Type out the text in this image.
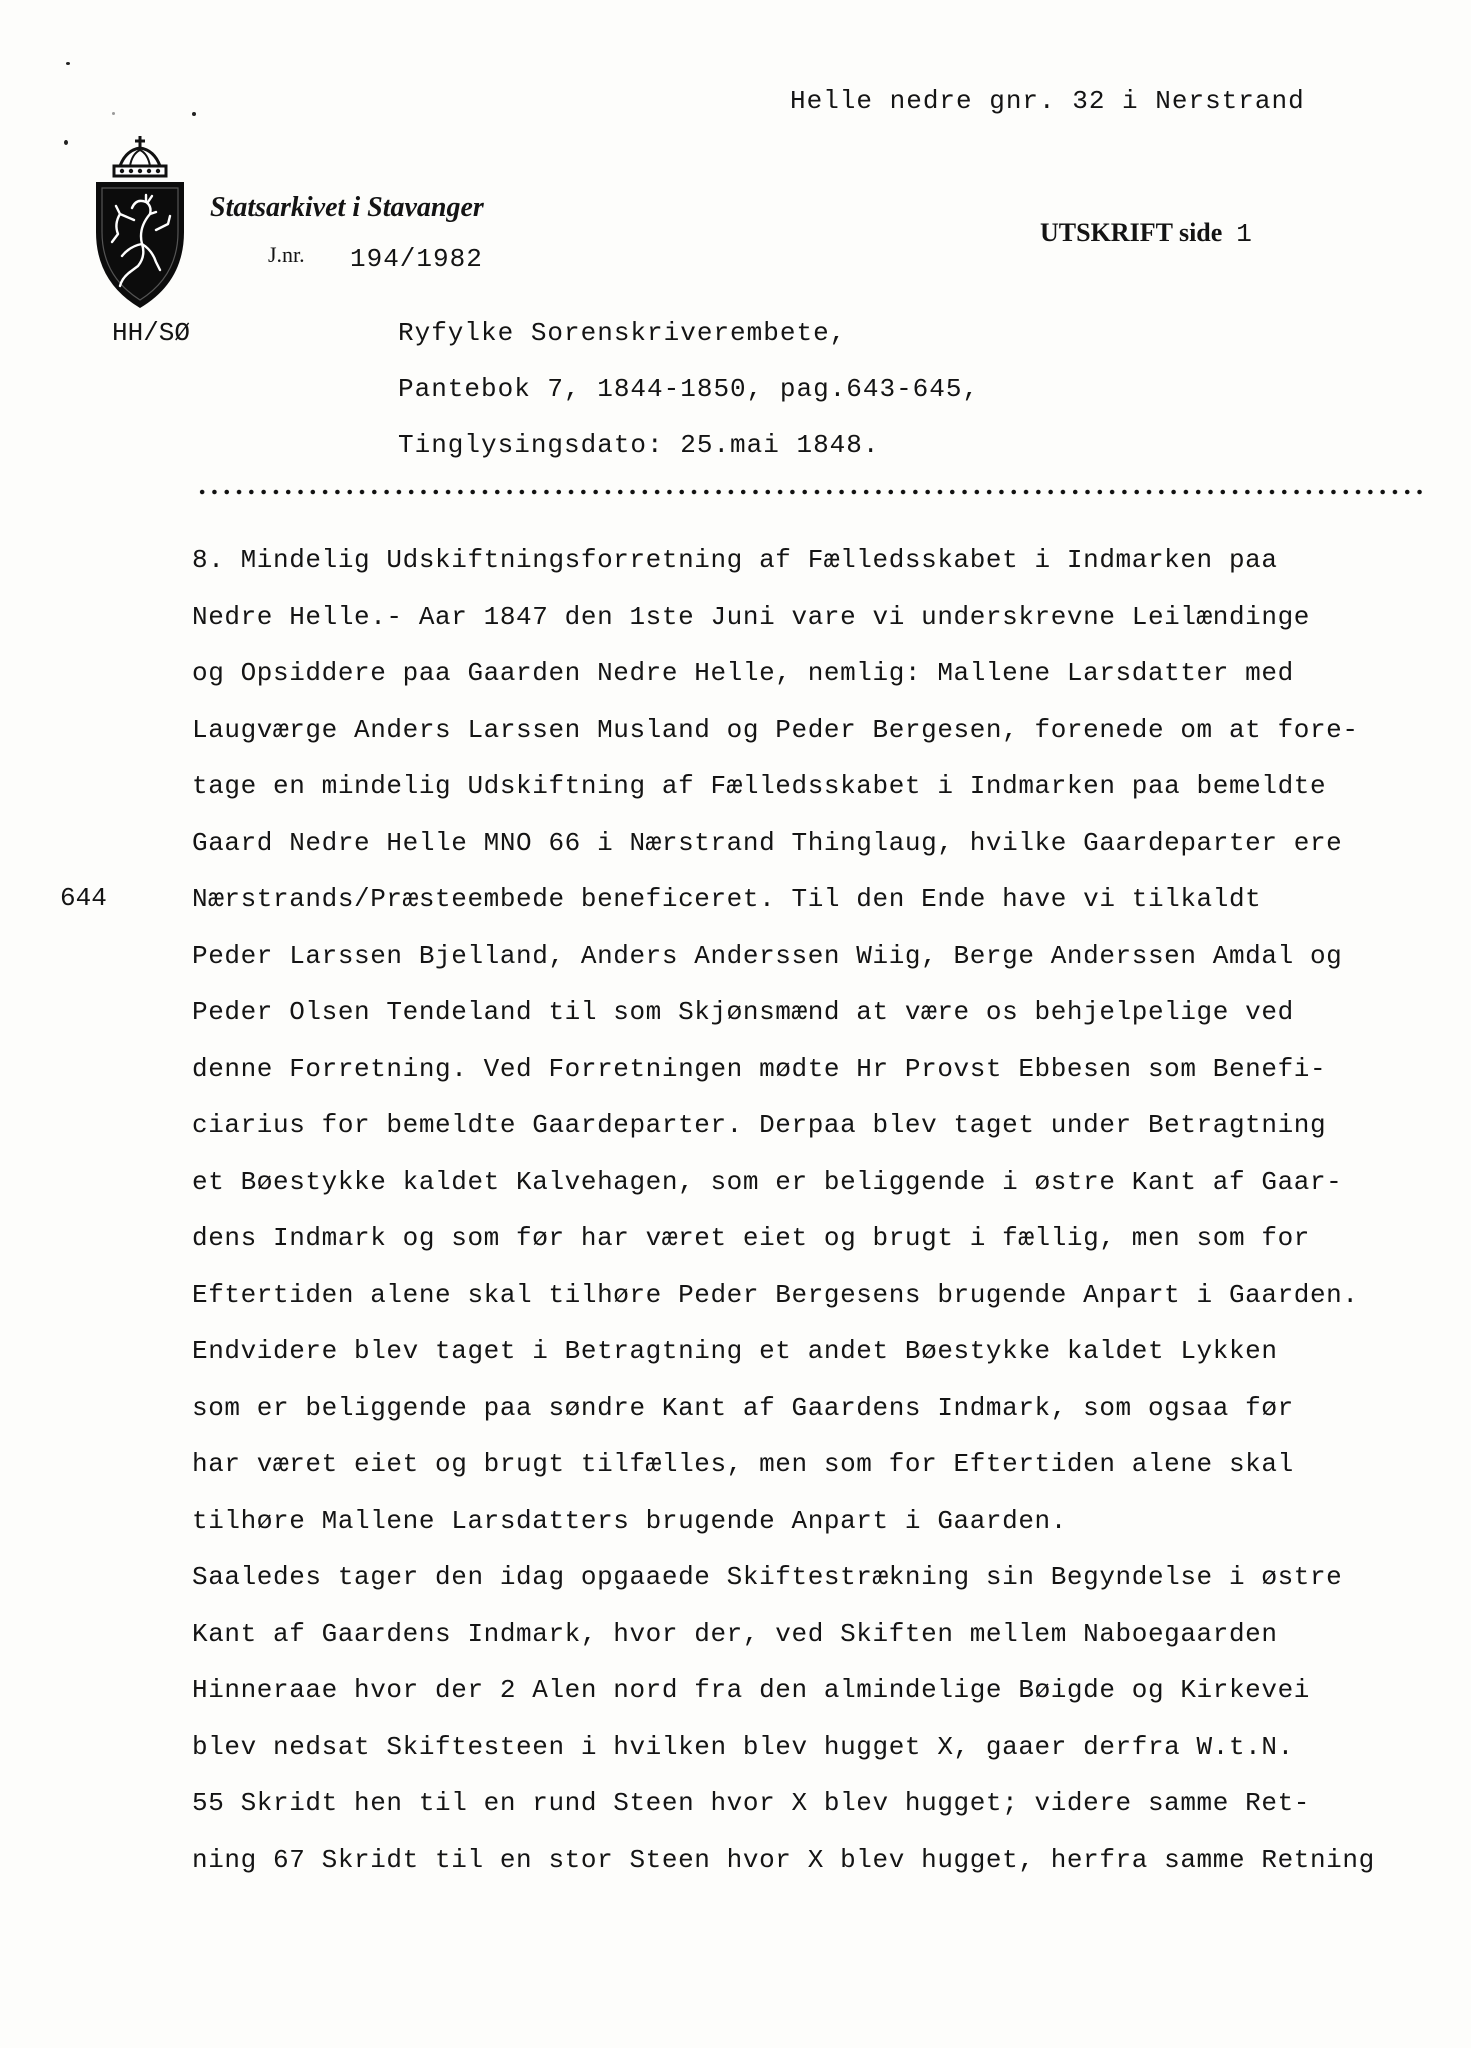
Helle nedre gnr. 32 i Nerstrand
Statsarkivet i Stavanger
J.nr. 194/1982
UTSKRIFT side 1
HH/SØ	Ryfylke Sorenskriverembete,
Pantebok 7, 1844-1850, pag.643-645,
Tinglysingsdato: 25.mai 1848.
644
8. Mindelig Udskiftningsforretning af Fælledsskabet i Indmarken paa
Nedre Helle.- Aar 1847 den 1ste Juni vare vi underskrevne Leilændinge
og Opsiddere paa Gaarden Nedre Helle, nemlig: Mallene Larsdatter med
Laugværge Anders Larssen Musland og Peder Bergesen, forenede om at fore-
tage en mindelig Udskiftning af Fælledsskabet i Indmarken paa bemeldte
Gaard Nedre Helle MNO 66 i Nærstrand Thinglaug, hvilke Gaardeparter ere
Nærstrands/Præsteembede beneficeret. Til den Ende have vi tilkaldt
Peder Larssen Bjelland, Anders Anderssen Wiig, Berge Anderssen Amdal og
Peder Olsen Tendeland til som Skjønsmænd at være os behjelpelige ved
denne Forretning. Ved Forretningen mødte Hr Provst Ebbesen som Benefi-
ciarius for bemeldte Gaardeparter. Derpaa blev taget under Betragtning
et Bøestykke kaldet Kalvehagen, som er beliggende i østre Kant af Gaar-
dens Indmark og som før har været eiet og brugt i fællig, men som for
Eftertiden alene skal tilhøre Peder Bergesens brugende Anpart i Gaarden.
Endvidere blev taget i Betragtning et andet Bøestykke kaldet Lykken
som er beliggende paa søndre Kant af Gaardens Indmark, som ogsaa før
har været eiet og brugt tilfælles, men som for Eftertiden alene skal
tilhøre Mallene Larsdatters brugende Anpart i Gaarden.
Saaledes tager den idag opgaaede Skiftestrækning sin Begyndelse i østre
Kant af Gaardens Indmark, hvor der, ved Skiften mellem Naboegaarden
Hinneraae hvor der 2 Alen nord fra den almindelige Bøigde og Kirkevei
blev nedsat Skiftesteen i hvilken blev hugget X, gaaer derfra W.t.N.
55 Skridt hen til en rund Steen hvor X blev hugget; videre samme Ret-
ning 67 Skridt til en stor Steen hvor X blev hugget, herfra samme Retning
